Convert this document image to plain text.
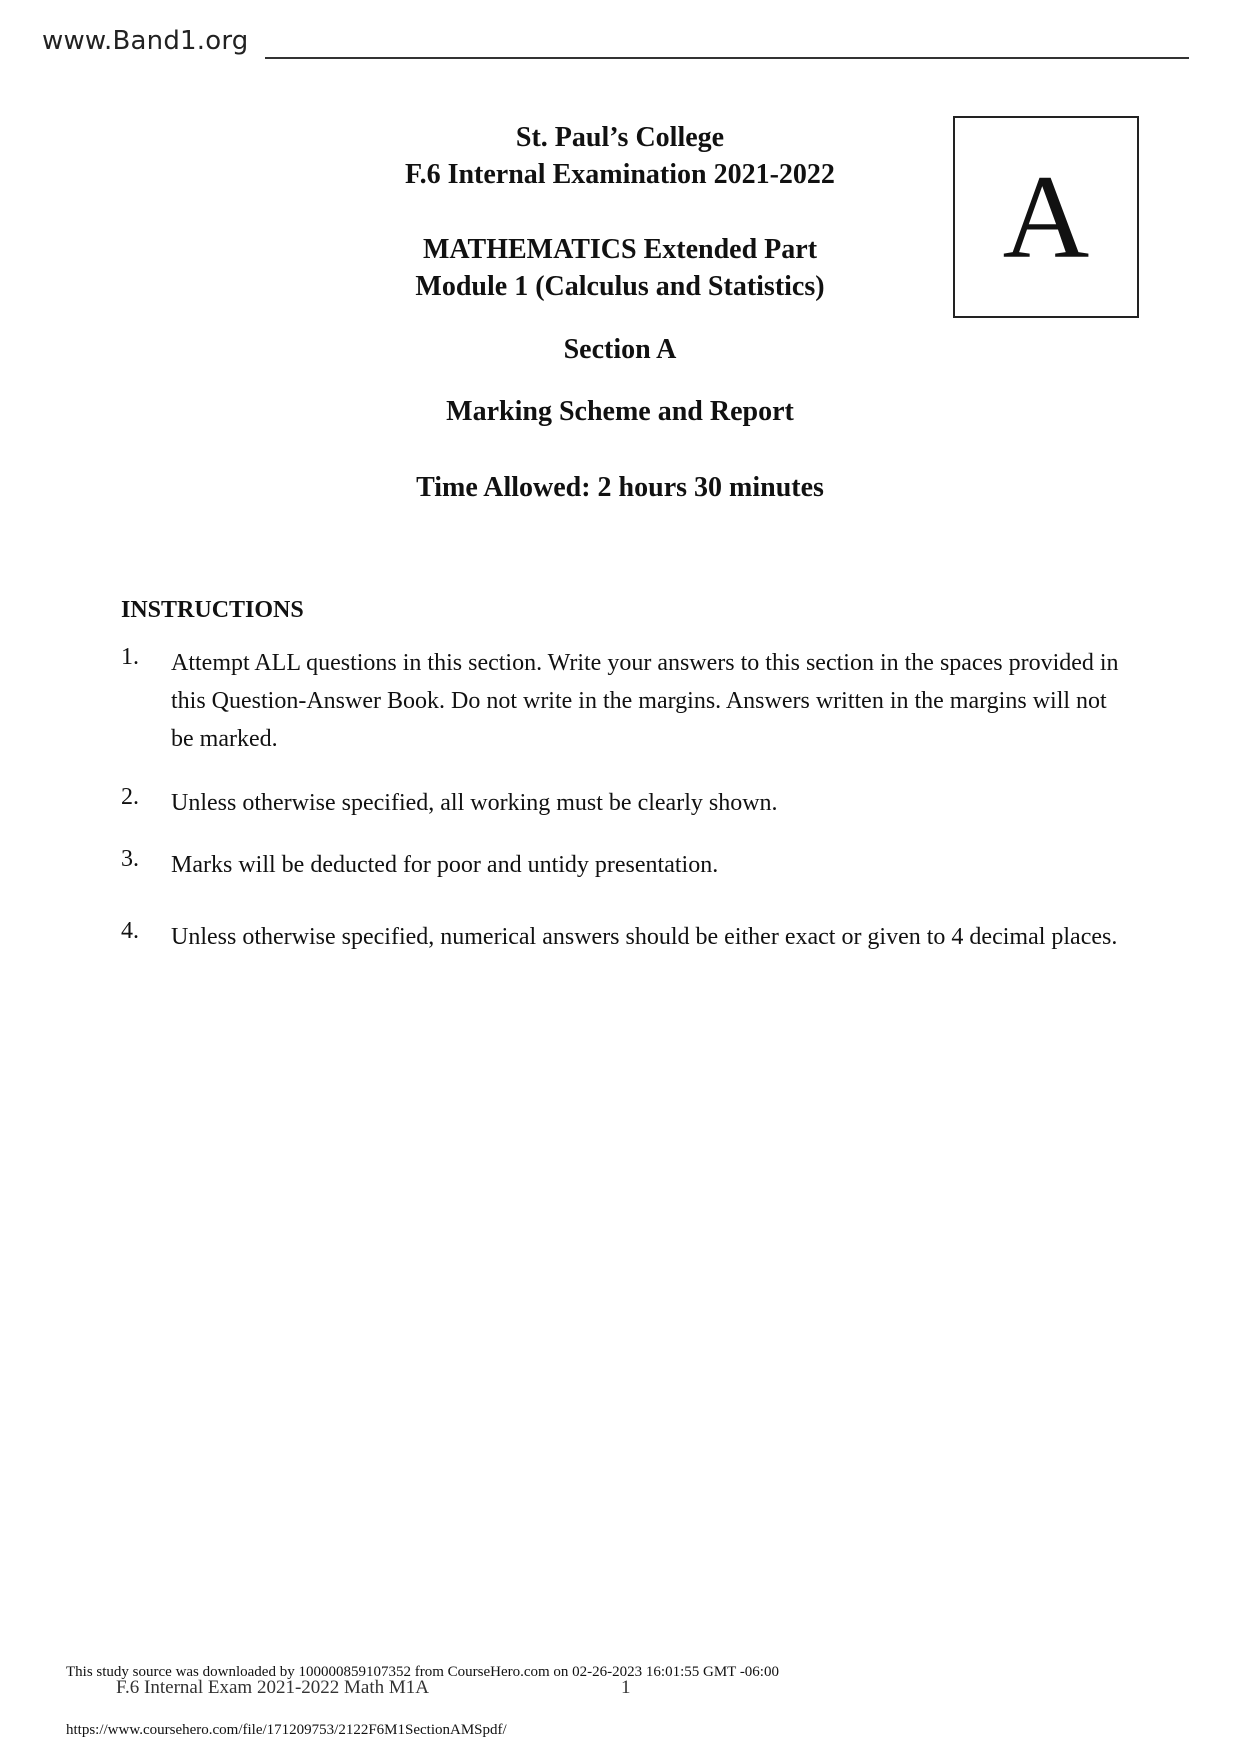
www.Band1.org
St. Paul’s College
F.6 Internal Examination 2021-2022
MATHEMATICS Extended Part
Module 1 (Calculus and Statistics)
Section A
Marking Scheme and Report
Time Allowed: 2 hours 30 minutes
A
INSTRUCTIONS
1. Attempt ALL questions in this section. Write your answers to this section in the spaces provided in this Question-Answer Book. Do not write in the margins. Answers written in the margins will not be marked.
2. Unless otherwise specified, all working must be clearly shown.
3. Marks will be deducted for poor and untidy presentation.
4. Unless otherwise specified, numerical answers should be either exact or given to 4 decimal places.
This study source was downloaded by 100000859107352 from CourseHero.com on 02-26-2023 16:01:55 GMT -06:00
F.6 Internal Exam 2021-2022 Math M1A	1
https://www.coursehero.com/file/171209753/2122F6M1SectionAMSpdf/
